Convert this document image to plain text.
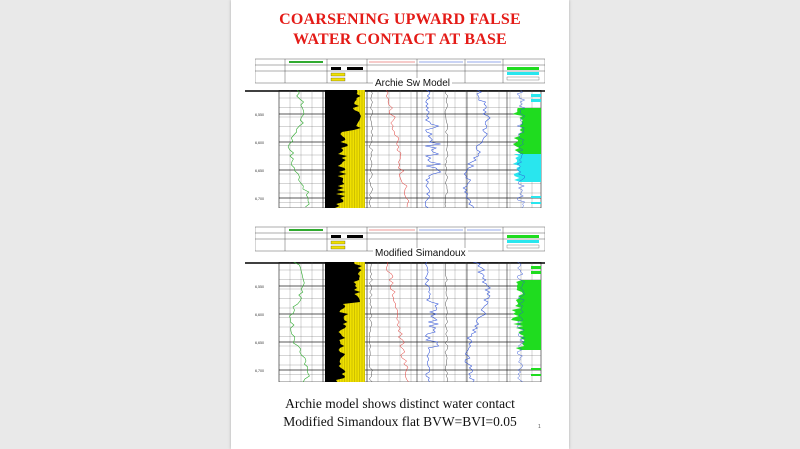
COARSENING UPWARD FALSE
WATER CONTACT AT BASE
6,550
6,600
6,650
6,700
Archie Sw Model
6,550
6,600
6,650
6,700
Modified Simandoux
Archie model shows distinct water contact
Modified Simandoux flat BVW=BVI=0.05	1
